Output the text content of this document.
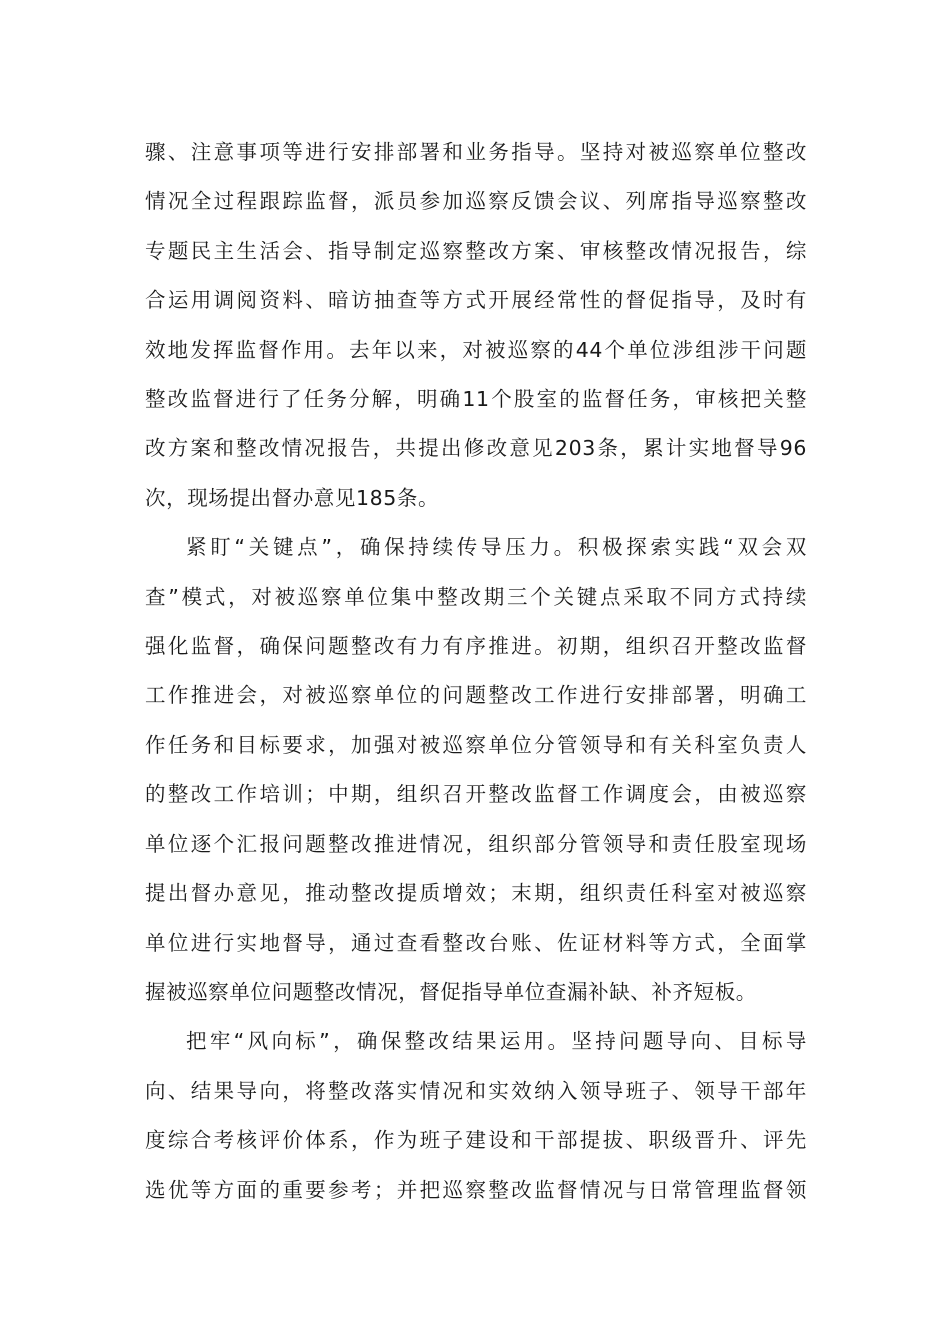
骤、注意事项等进行安排部署和业务指导。坚持对被巡察单位整改
情况全过程跟踪监督，派员参加巡察反馈会议、列席指导巡察整改
专题民主生活会、指导制定巡察整改方案、审核整改情况报告，综
合运用调阅资料、暗访抽查等方式开展经常性的督促指导，及时有
效地发挥监督作用。去年以来，对被巡察的44个单位涉组涉干问题
整改监督进行了任务分解，明确11个股室的监督任务，审核把关整
改方案和整改情况报告，共提出修改意见203条，累计实地督导96
次，现场提出督办意见185条。
紧盯“关键点”，确保持续传导压力。积极探索实践“双会双
查”模式，对被巡察单位集中整改期三个关键点采取不同方式持续
强化监督，确保问题整改有力有序推进。初期，组织召开整改监督
工作推进会，对被巡察单位的问题整改工作进行安排部署，明确工
作任务和目标要求，加强对被巡察单位分管领导和有关科室负责人
的整改工作培训；中期，组织召开整改监督工作调度会，由被巡察
单位逐个汇报问题整改推进情况，组织部分管领导和责任股室现场
提出督办意见，推动整改提质增效；末期，组织责任科室对被巡察
单位进行实地督导，通过查看整改台账、佐证材料等方式，全面掌
握被巡察单位问题整改情况，督促指导单位查漏补缺、补齐短板。
把牢“风向标”，确保整改结果运用。坚持问题导向、目标导
向、结果导向，将整改落实情况和实效纳入领导班子、领导干部年
度综合考核评价体系，作为班子建设和干部提拔、职级晋升、评先
选优等方面的重要参考；并把巡察整改监督情况与日常管理监督领
